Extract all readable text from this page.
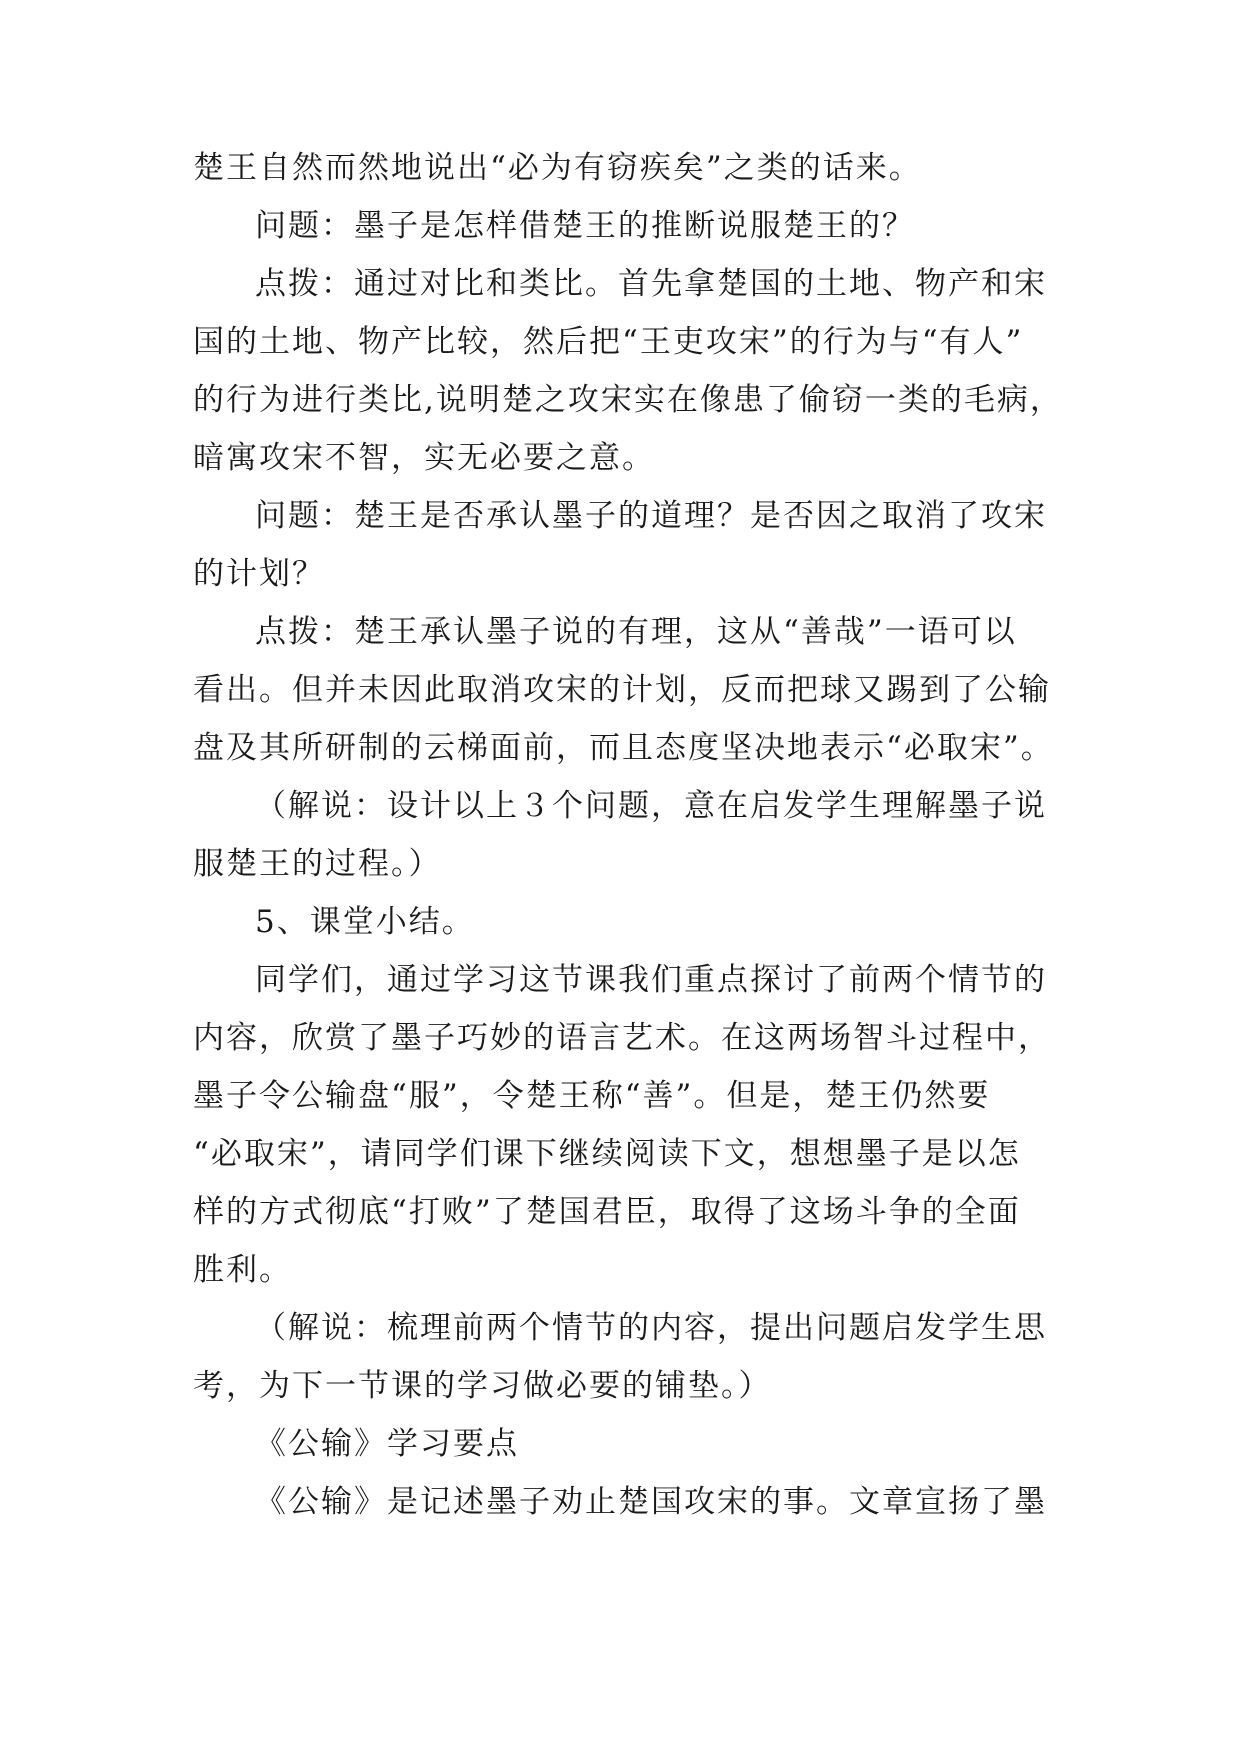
楚王自然而然地说出“必为有窃疾矣”之类的话来。
问题：墨子是怎样借楚王的推断说服楚王的？
点拨：通过对比和类比。首先拿楚国的土地、物产和宋
国的土地、物产比较，然后把“王吏攻宋”的行为与“有人”
的行为进行类比,说明楚之攻宋实在像患了偷窃一类的毛病，
暗寓攻宋不智，实无必要之意。
问题：楚王是否承认墨子的道理？是否因之取消了攻宋
的计划？
点拨：楚王承认墨子说的有理，这从“善哉”一语可以
看出。但并未因此取消攻宋的计划，反而把球又踢到了公输
盘及其所研制的云梯面前，而且态度坚决地表示“必取宋”。
（解说：设计以上３个问题，意在启发学生理解墨子说
服楚王的过程。）
5、课堂小结。
同学们，通过学习这节课我们重点探讨了前两个情节的
内容，欣赏了墨子巧妙的语言艺术。在这两场智斗过程中，
墨子令公输盘“服”，令楚王称“善”。但是，楚王仍然要
“必取宋”，请同学们课下继续阅读下文，想想墨子是以怎
样的方式彻底“打败”了楚国君臣，取得了这场斗争的全面
胜利。
（解说：梳理前两个情节的内容，提出问题启发学生思
考，为下一节课的学习做必要的铺垫。）
《公输》学习要点
《公输》是记述墨子劝止楚国攻宋的事。文章宣扬了墨
